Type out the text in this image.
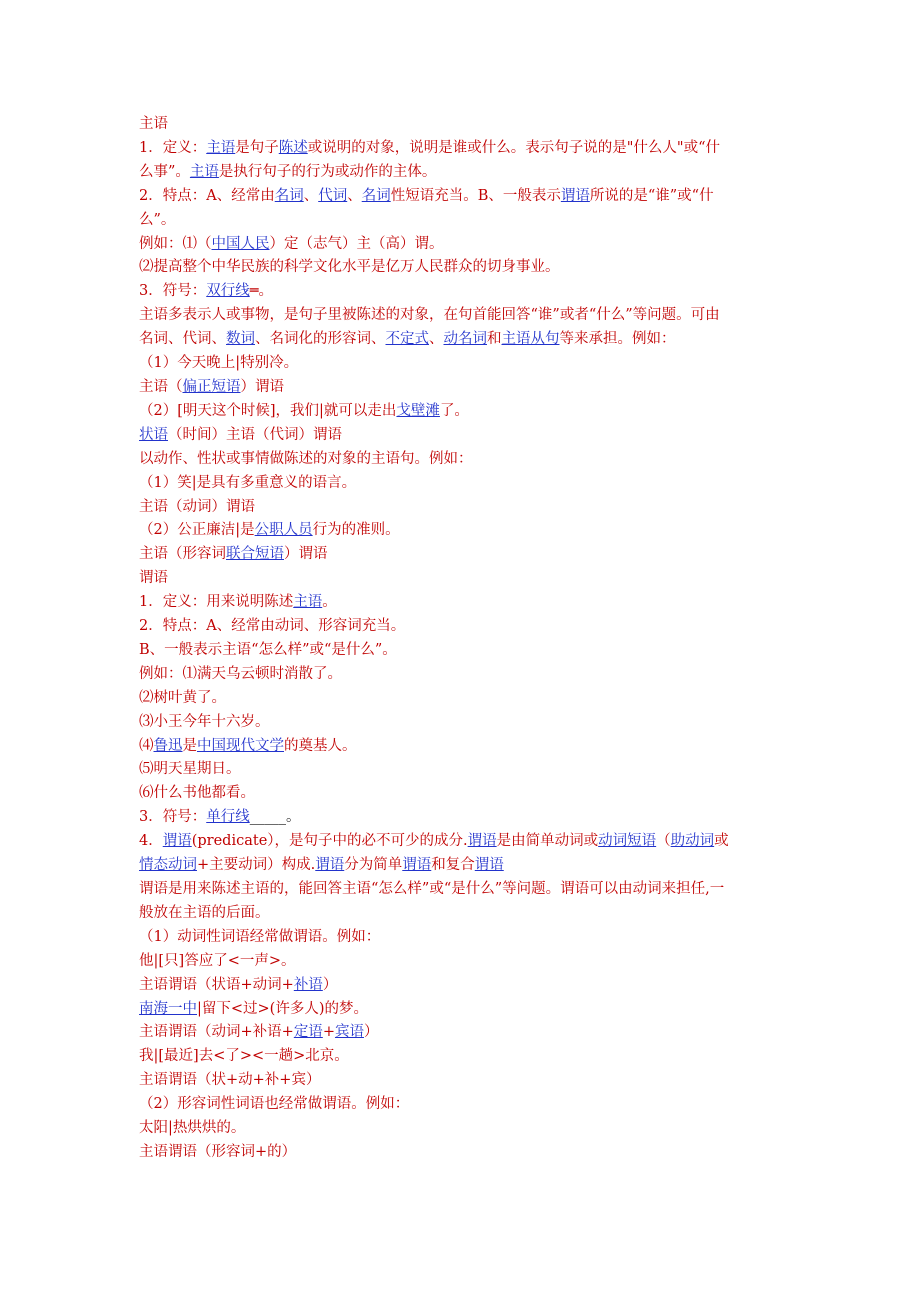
主语
1．定义：主语是句子陈述或说明的对象，说明是谁或什么。表示句子说的是"什么人"或“什
么事”。主语是执行句子的行为或动作的主体。
2．特点：A、经常由名词、代词、名词性短语充当。B、一般表示谓语所说的是“谁”或“什
么”。
例如：⑴（中国人民）定（志气）主（高）谓。
⑵提高整个中华民族的科学文化水平是亿万人民群众的切身事业。
3．符号：双行线═。
主语多表示人或事物，是句子里被陈述的对象，在句首能回答“谁”或者“什么”等问题。可由
名词、代词、数词、名词化的形容词、不定式、动名词和主语从句等来承担。例如：
（1）今天晚上|特别冷。
主语（偏正短语）谓语
（2）[明天这个时候]，我们|就可以走出戈壁滩了。
状语（时间）主语（代词）谓语
以动作、性状或事情做陈述的对象的主语句。例如：
（1）笑|是具有多重意义的语言。
主语（动词）谓语
（2）公正廉洁|是公职人员行为的准则。
主语（形容词联合短语）谓语
谓语
1．定义：用来说明陈述主语。
2．特点：A、经常由动词、形容词充当。
B、一般表示主语“怎么样”或“是什么”。
例如：⑴满天乌云顿时消散了。
⑵树叶黄了。
⑶小王今年十六岁。
⑷鲁迅是中国现代文学的奠基人。
⑸明天星期日。
⑹什么书他都看。
3．符号：单行线_____。
4．谓语(predicate），是句子中的必不可少的成分.谓语是由简单动词或动词短语（助动词或
情态动词+主要动词）构成.谓语分为简单谓语和复合谓语
谓语是用来陈述主语的，能回答主语“怎么样”或“是什么”等问题。谓语可以由动词来担任,一
般放在主语的后面。
（1）动词性词语经常做谓语。例如：
他|[只]答应了<一声>。
主语谓语（状语+动词+补语）
南海一中|留下<过>(许多人)的梦。
主语谓语（动词+补语+定语+宾语）
我|[最近]去<了><一趟>北京。
主语谓语（状+动+补+宾）
（2）形容词性词语也经常做谓语。例如：
太阳|热烘烘的。
主语谓语（形容词+的）
